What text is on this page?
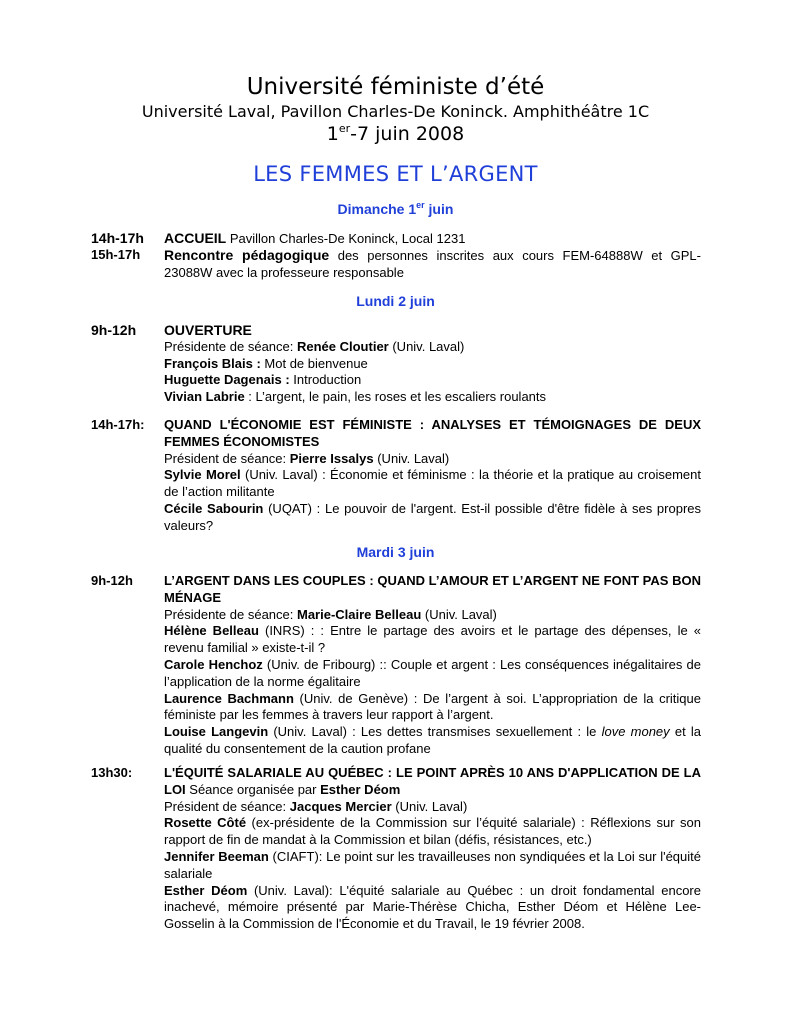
Université féministe d’été
Université Laval, Pavillon Charles-De Koninck. Amphithéâtre 1C
1er-7 juin 2008
LES FEMMES ET L’ARGENT
Dimanche 1er juin
14h-17h ACCUEIL Pavillon Charles-De Koninck, Local 1231
15h-17h Rencontre pédagogique des personnes inscrites aux cours FEM-64888W et GPL-23088W avec la professeure responsable
Lundi 2 juin
9h-12h OUVERTURE
Présidente de séance: Renée Cloutier (Univ. Laval)
François Blais : Mot de bienvenue
Huguette Dagenais : Introduction
Vivian Labrie : L’argent, le pain, les roses et les escaliers roulants
14h-17h: QUAND L'ÉCONOMIE EST FÉMINISTE : ANALYSES ET TÉMOIGNAGES DE DEUX FEMMES ÉCONOMISTES
Président de séance: Pierre Issalys (Univ. Laval)
Sylvie Morel (Univ. Laval) : Économie et féminisme : la théorie et la pratique au croisement de l’action militante
Cécile Sabourin (UQAT) : Le pouvoir de l'argent. Est-il possible d'être fidèle à ses propres valeurs?
Mardi 3 juin
9h-12h L’ARGENT DANS LES COUPLES : QUAND L’AMOUR ET L’ARGENT NE FONT PAS BON MÉNAGE
Présidente de séance: Marie-Claire Belleau (Univ. Laval)
Hélène Belleau (INRS) : : Entre le partage des avoirs et le partage des dépenses, le « revenu familial » existe-t-il ?
Carole Henchoz (Univ. de Fribourg) :: Couple et argent : Les conséquences inégalitaires de l’application de la norme égalitaire
Laurence Bachmann (Univ. de Genève) : De l’argent à soi. L’appropriation de la critique féministe par les femmes à travers leur rapport à l’argent.
Louise Langevin (Univ. Laval) : Les dettes transmises sexuellement : le love money et la qualité du consentement de la caution profane
13h30: L'ÉQUITÉ SALARIALE AU QUÉBEC : LE POINT APRÈS 10 ANS D'APPLICATION DE LA LOI Séance organisée par Esther Déom
Président de séance: Jacques Mercier (Univ. Laval)
Rosette Côté (ex-présidente de la Commission sur l’équité salariale) : Réflexions sur son rapport de fin de mandat à la Commission et bilan (défis, résistances, etc.)
Jennifer Beeman (CIAFT): Le point sur les travailleuses non syndiquées et la Loi sur l'équité salariale
Esther Déom (Univ. Laval): L'équité salariale au Québec : un droit fondamental encore inachevé, mémoire présenté par Marie-Thérèse Chicha, Esther Déom et Hélène Lee-Gosselin à la Commission de l'Économie et du Travail, le 19 février 2008.
